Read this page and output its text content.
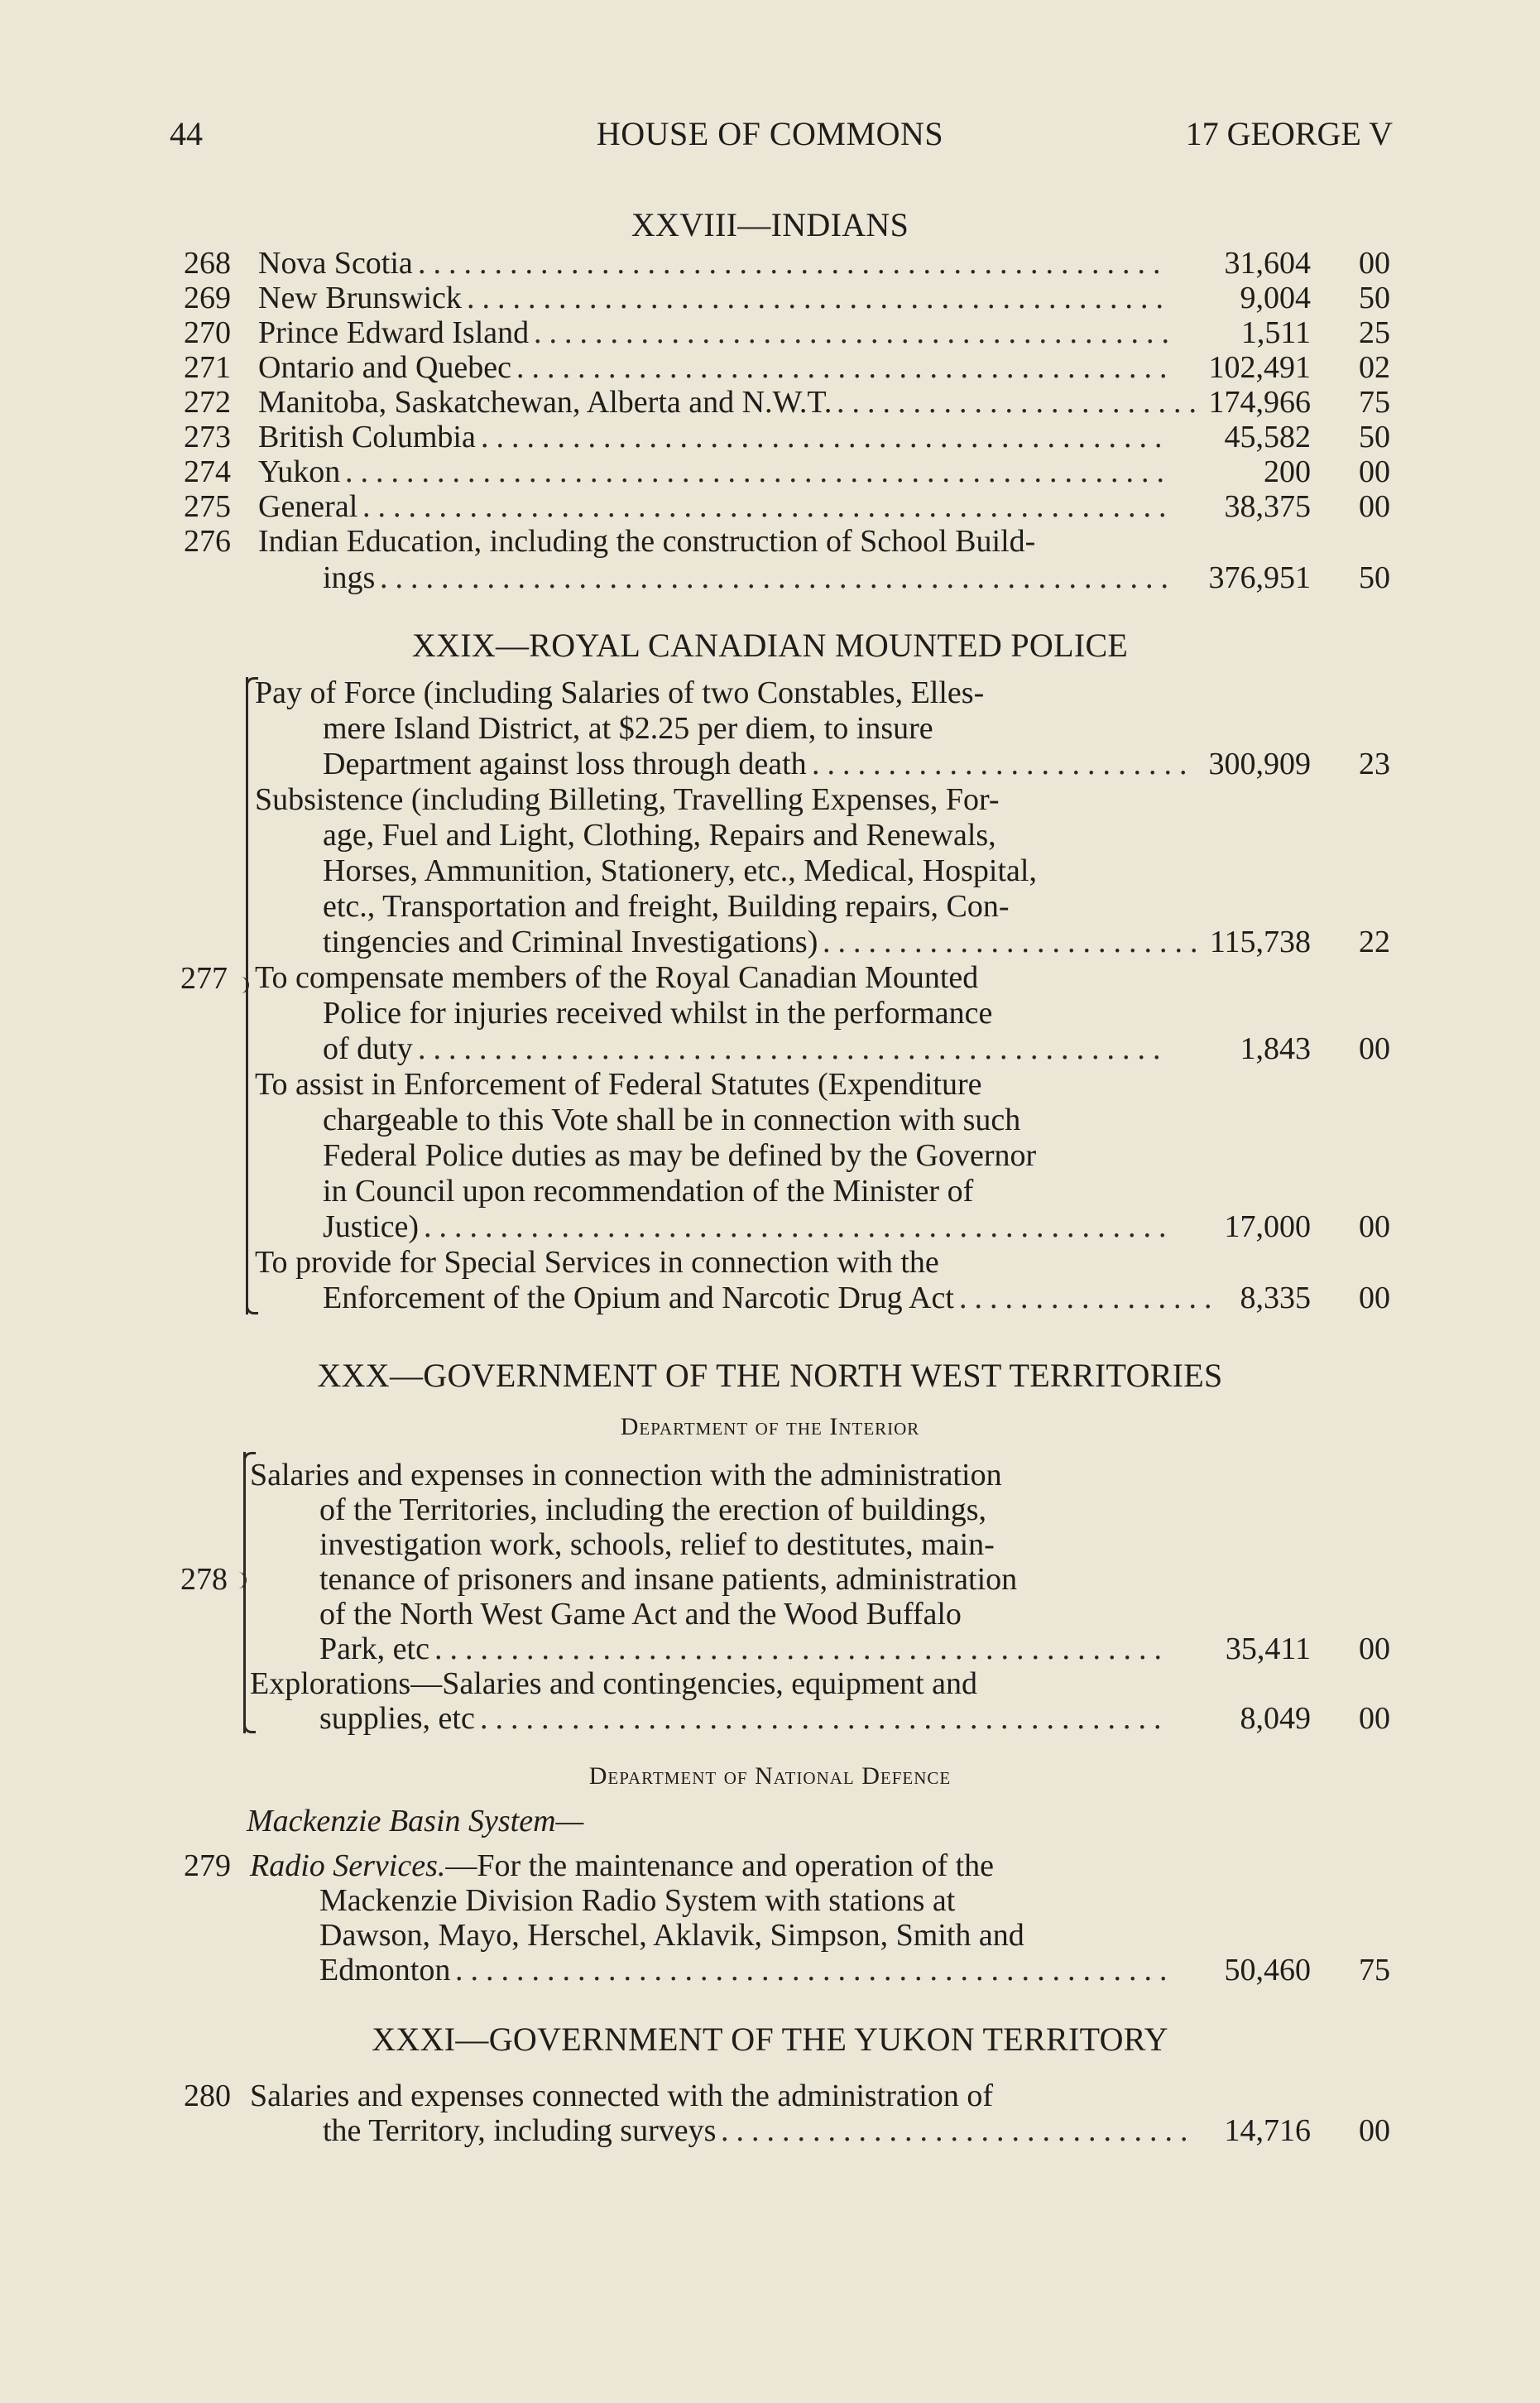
44	HOUSE OF COMMONS	17 GEORGE V
XXVIII—INDIANS
268 Nova Scotia .................................................	31,604 00
269 New Brunswick ..............................................	9,004 50
270 Prince Edward Island ..........................................	1,511 25
271 Ontario and Quebec ...........................................	102,491 02
272 Manitoba, Saskatchewan, Alberta and N.W.T. ........................ 174,966 75
273 British Columbia .............................................	45,582 50
274 Yukon ......................................................	200 00
275 General .....................................................	38,375 00
276 Indian Education, including the construction of School Build-
ings ....................................................	376,951 50
XXIX—ROYAL CANADIAN MOUNTED POLICE
277
Pay of Force (including Salaries of two Constables, Elles-
mere Island District, at $2.25 per diem, to insure
Department against loss through death ......................... 300,909 23
Subsistence (including Billeting, Travelling Expenses, For-
age, Fuel and Light, Clothing, Repairs and Renewals,
Horses, Ammunition, Stationery, etc., Medical, Hospital,
etc., Transportation and freight, Building repairs, Con-
tingencies and Criminal Investigations) ......................... 115,738 22
To compensate members of the Royal Canadian Mounted
Police for injuries received whilst in the performance
of duty .................................................	1,843 00
To assist in Enforcement of Federal Statutes (Expenditure
chargeable to this Vote shall be in connection with such
Federal Police duties as may be defined by the Governor
in Council upon recommendation of the Minister of
Justice) .................................................	17,000 00
To provide for Special Services in connection with the
Enforcement of the Opium and Narcotic Drug Act ................. 8,335 00
XXX—GOVERNMENT OF THE NORTH WEST TERRITORIES
Department of the Interior
278
Salaries and expenses in connection with the administration
of the Territories, including the erection of buildings,
investigation work, schools, relief to destitutes, main-
tenance of prisoners and insane patients, administration
of the North West Game Act and the Wood Buffalo
Park, etc ................................................	35,411 00
Explorations—Salaries and contingencies, equipment and
supplies, etc .............................................	8,049 00
Department of National Defence
Mackenzie Basin System—
279 Radio Services.—For the maintenance and operation of the
Mackenzie Division Radio System with stations at
Dawson, Mayo, Herschel, Aklavik, Simpson, Smith and
Edmonton ...............................................	50,460 75
XXXI—GOVERNMENT OF THE YUKON TERRITORY
280 Salaries and expenses connected with the administration of
the Territory, including surveys ............................... 14,716 00
